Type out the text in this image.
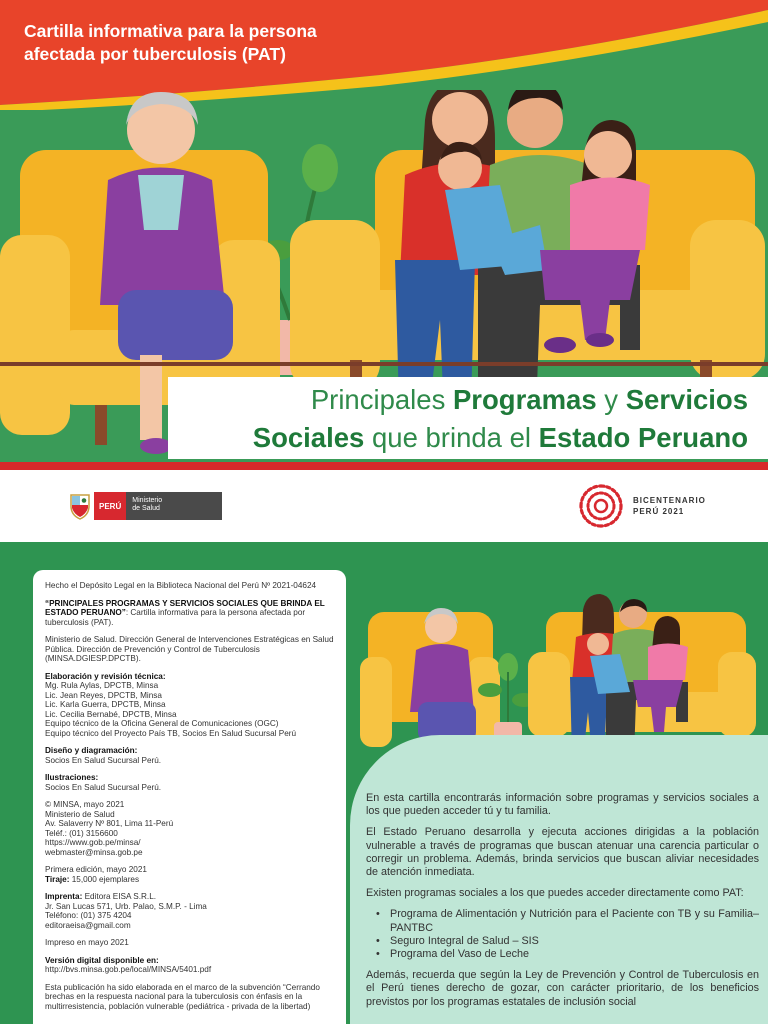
Cartilla informativa para la persona
afectada por tuberculosis (PAT)
Principales Programas y Servicios
Sociales que brinda el Estado Peruano
PERÚ
Ministerio
de Salud
BICENTENARIO
PERÚ 2021
Hecho el Depósito Legal en la Biblioteca Nacional del Perú Nº 2021-04624
“PRINCIPALES PROGRAMAS Y SERVICIOS SOCIALES QUE BRINDA EL ESTADO PERUANO”: Cartilla informativa para la persona afectada por tuberculosis (PAT).
Ministerio de Salud. Dirección General de Intervenciones Estratégicas en Salud Pública. Dirección de Prevención y Control de Tuberculosis (MINSA.DGIESP.DPCTB).
Elaboración y revisión técnica:
Mg. Rula Aylas, DPCTB, Minsa
Lic. Jean Reyes, DPCTB, Minsa
Lic. Karla Guerra, DPCTB, Minsa
Lic. Cecilia Bernabé, DPCTB, Minsa
Equipo técnico de la Oficina General de Comunicaciones (OGC)
Equipo técnico del Proyecto País TB, Socios En Salud Sucursal Perú
Diseño y diagramación:
Socios En Salud Sucursal Perú.
Ilustraciones:
Socios En Salud Sucursal Perú.
© MINSA, mayo 2021
Ministerio de Salud
Av. Salaverry Nº 801, Lima 11-Perú
Teléf.: (01) 3156600
https://www.gob.pe/minsa/
webmaster@minsa.gob.pe
Primera edición, mayo 2021
Tiraje: 15,000 ejemplares
Imprenta: Editora EISA S.R.L.
Jr. San Lucas 571, Urb. Palao, S.M.P. - Lima
Teléfono: (01) 375 4204
editoraeisa@gmail.com
Impreso en mayo 2021
Versión digital disponible en:
http://bvs.minsa.gob.pe/local/MINSA/5401.pdf
Esta publicación ha sido elaborada en el marco de la subvención “Cerrando brechas en la respuesta nacional para la tuberculosis con énfasis en la multirresistencia, población vulnerable (pediátrica - privada de la libertad)

En esta cartilla encontrarás información sobre programas y servicios sociales a los que pueden acceder tú y tu familia.

El Estado Peruano desarrolla y ejecuta acciones dirigidas a la población vulnerable a través de programas que buscan atenuar una carencia particular o corregir un problema. Además, brinda servicios que buscan aliviar necesidades de atención inmediata.

Existen programas sociales a los que puedes acceder directamente como PAT:

• Programa de Alimentación y Nutrición para el Paciente con TB y su Familia– PANTBC
• Seguro Integral de Salud – SIS
• Programa del Vaso de Leche

Además, recuerda que según la Ley de Prevención y Control de Tuberculosis en el Perú tienes derecho de gozar, con carácter prioritario, de los beneficios previstos por los programas estatales de inclusión social
